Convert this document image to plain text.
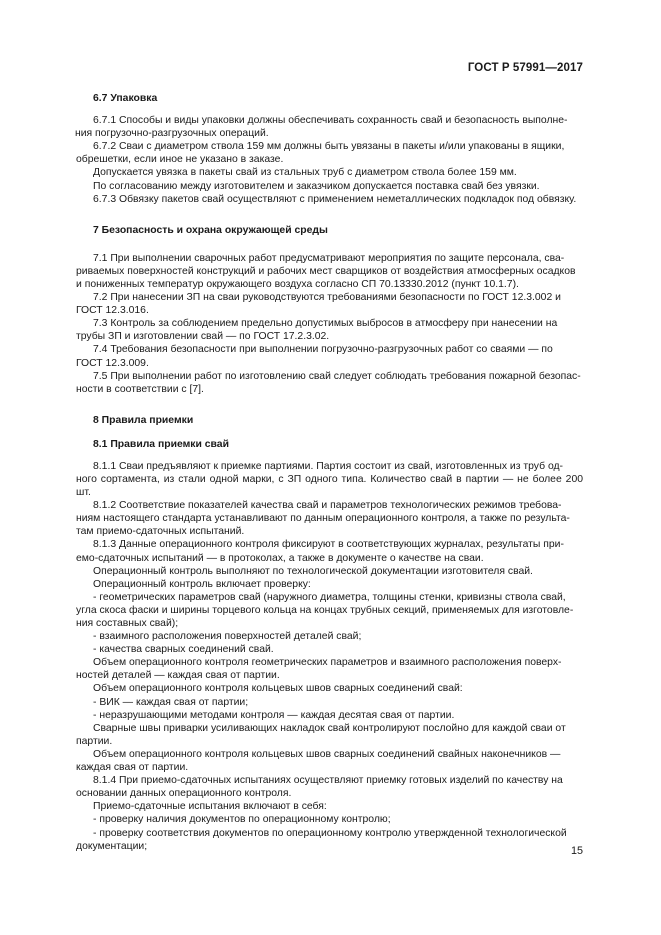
ГОСТ Р 57991—2017

6.7 Упаковка

6.7.1 Способы и виды упаковки должны обеспечивать сохранность свай и безопасность выполне-

ния погрузочно-разгрузочных операций.

6.7.2 Сваи с диаметром ствола 159 мм должны быть увязаны в пакеты и/или упакованы в ящики,

обрешетки, если иное не указано в заказе.

Допускается увязка в пакеты свай из стальных труб с диаметром ствола более 159 мм.

По согласованию между изготовителем и заказчиком допускается поставка свай без увязки.

6.7.3 Обвязку пакетов свай осуществляют с применением неметаллических подкладок под обвязку.

7 Безопасность и охрана окружающей среды

7.1 При выполнении сварочных работ предусматривают мероприятия по защите персонала, сва-

риваемых поверхностей конструкций и рабочих мест сварщиков от воздействия атмосферных осадков

и пониженных температур окружающего воздуха согласно СП 70.13330.2012 (пункт 10.1.7).

7.2 При нанесении ЗП на сваи руководствуются требованиями безопасности по ГОСТ 12.3.002 и

ГОСТ 12.3.016.

7.3 Контроль за соблюдением предельно допустимых выбросов в атмосферу при нанесении на

трубы ЗП и изготовлении свай — по ГОСТ 17.2.3.02.

7.4 Требования безопасности при выполнении погрузочно-разгрузочных работ со сваями — по

ГОСТ 12.3.009.

7.5 При выполнении работ по изготовлению свай следует соблюдать требования пожарной безопас-

ности в соответствии с [7].

8 Правила приемки

8.1 Правила приемки свай

8.1.1 Сваи предъявляют к приемке партиями. Партия состоит из свай, изготовленных из труб од-

ного сортамента, из стали одной марки, с ЗП одного типа. Количество свай в партии — не более 200 шт.

8.1.2 Соответствие показателей качества свай и параметров технологических режимов требова-

ниям настоящего стандарта устанавливают по данным операционного контроля, а также по результа-

там приемо-сдаточных испытаний.

8.1.3 Данные операционного контроля фиксируют в соответствующих журналах, результаты при-

емо-сдаточных испытаний — в протоколах, а также в документе о качестве на сваи.

Операционный контроль выполняют по технологической документации изготовителя свай.

Операционный контроль включает проверку:

- геометрических параметров свай (наружного диаметра, толщины стенки, кривизны ствола свай,

угла скоса фаски и ширины торцевого кольца на концах трубных секций, применяемых для изготовле-

ния составных свай);

- взаимного расположения поверхностей деталей свай;

- качества сварных соединений свай.

Объем операционного контроля геометрических параметров и взаимного расположения поверх-

ностей деталей — каждая свая от партии.

Объем операционного контроля кольцевых швов сварных соединений свай:

- ВИК — каждая свая от партии;

- неразрушающими методами контроля — каждая десятая свая от партии.

Сварные швы приварки усиливающих накладок свай контролируют послойно для каждой сваи от

партии.

Объем операционного контроля кольцевых швов сварных соединений свайных наконечников —

каждая свая от партии.

8.1.4 При приемо-сдаточных испытаниях осуществляют приемку готовых изделий по качеству на

основании данных операционного контроля.

Приемо-сдаточные испытания включают в себя:

- проверку наличия документов по операционному контролю;

- проверку соответствия документов по операционному контролю утвержденной технологической

документации;	15
